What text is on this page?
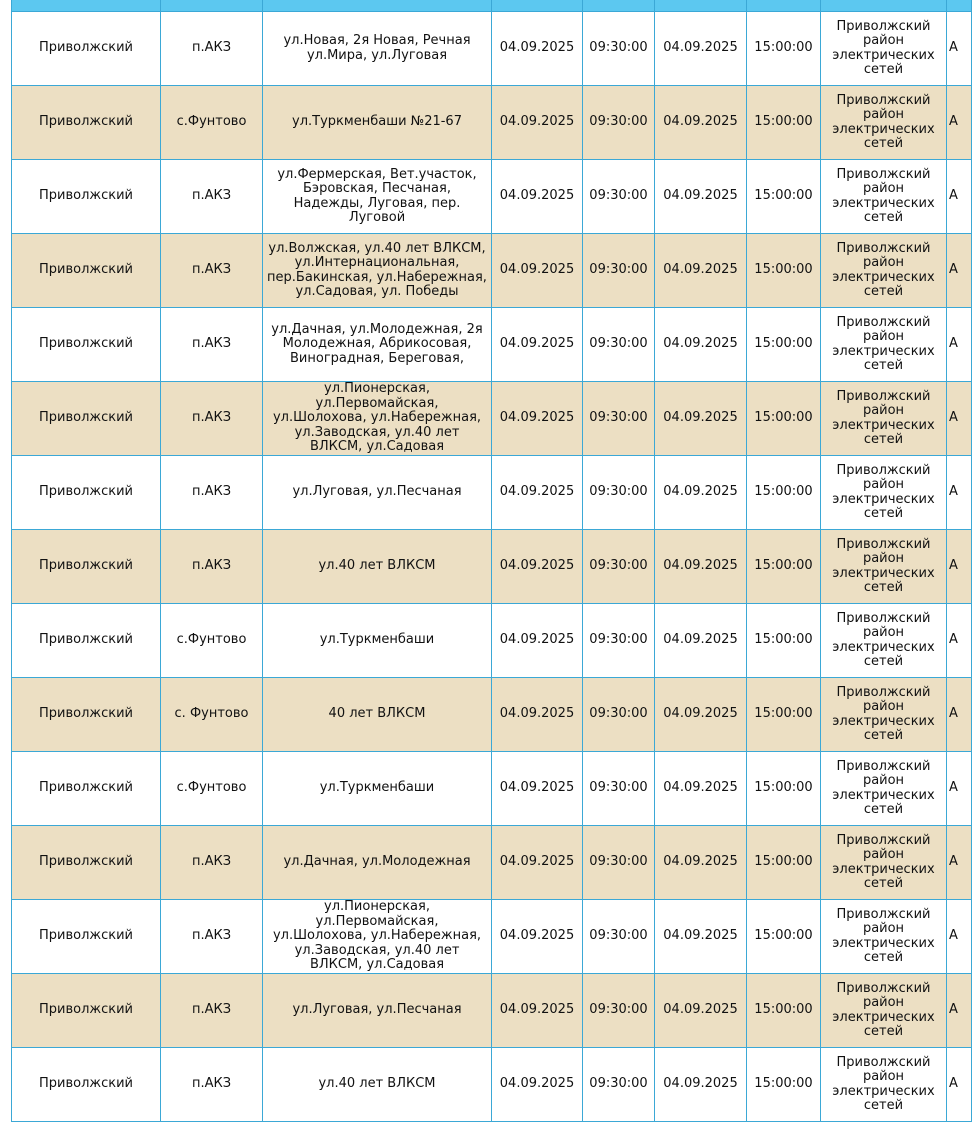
Приволжский	п.АКЗ	ул.Новая, 2я Новая, Речная ул.Мира, ул.Луговая	04.09.2025	09:30:00	04.09.2025	15:00:00	Приволжский район электрических сетей	А
Приволжский	с.Фунтово	ул.Туркменбаши №21-67	04.09.2025	09:30:00	04.09.2025	15:00:00	Приволжский район электрических сетей	А
Приволжский	п.АКЗ	ул.Фермерская, Вет.участок, Бэровская, Песчаная, Надежды, Луговая, пер. Луговой	04.09.2025	09:30:00	04.09.2025	15:00:00	Приволжский район электрических сетей	А
Приволжский	п.АКЗ	ул.Волжская, ул.40 лет ВЛКСМ, ул.Интернациональная, пер.Бакинская, ул.Набережная, ул.Садовая, ул. Победы	04.09.2025	09:30:00	04.09.2025	15:00:00	Приволжский район электрических сетей	А
Приволжский	п.АКЗ	ул.Дачная, ул.Молодежная, 2я Молодежная, Абрикосовая, Виноградная, Береговая,	04.09.2025	09:30:00	04.09.2025	15:00:00	Приволжский район электрических сетей	А
Приволжский	п.АКЗ	ул.Пионерская, ул.Первомайская, ул.Шолохова, ул.Набережная, ул.Заводская, ул.40 лет ВЛКСМ, ул.Садовая	04.09.2025	09:30:00	04.09.2025	15:00:00	Приволжский район электрических сетей	А
Приволжский	п.АКЗ	ул.Луговая, ул.Песчаная	04.09.2025	09:30:00	04.09.2025	15:00:00	Приволжский район электрических сетей	А
Приволжский	п.АКЗ	ул.40 лет ВЛКСМ	04.09.2025	09:30:00	04.09.2025	15:00:00	Приволжский район электрических сетей	А
Приволжский	с.Фунтово	ул.Туркменбаши	04.09.2025	09:30:00	04.09.2025	15:00:00	Приволжский район электрических сетей	А
Приволжский	с. Фунтово	40 лет ВЛКСМ	04.09.2025	09:30:00	04.09.2025	15:00:00	Приволжский район электрических сетей	А
Приволжский	с.Фунтово	ул.Туркменбаши	04.09.2025	09:30:00	04.09.2025	15:00:00	Приволжский район электрических сетей	А
Приволжский	п.АКЗ	ул.Дачная, ул.Молодежная	04.09.2025	09:30:00	04.09.2025	15:00:00	Приволжский район электрических сетей	А
Приволжский	п.АКЗ	ул.Пионерская, ул.Первомайская, ул.Шолохова, ул.Набережная, ул.Заводская, ул.40 лет ВЛКСМ, ул.Садовая	04.09.2025	09:30:00	04.09.2025	15:00:00	Приволжский район электрических сетей	А
Приволжский	п.АКЗ	ул.Луговая, ул.Песчаная	04.09.2025	09:30:00	04.09.2025	15:00:00	Приволжский район электрических сетей	А
Приволжский	п.АКЗ	ул.40 лет ВЛКСМ	04.09.2025	09:30:00	04.09.2025	15:00:00	Приволжский район электрических сетей	А
